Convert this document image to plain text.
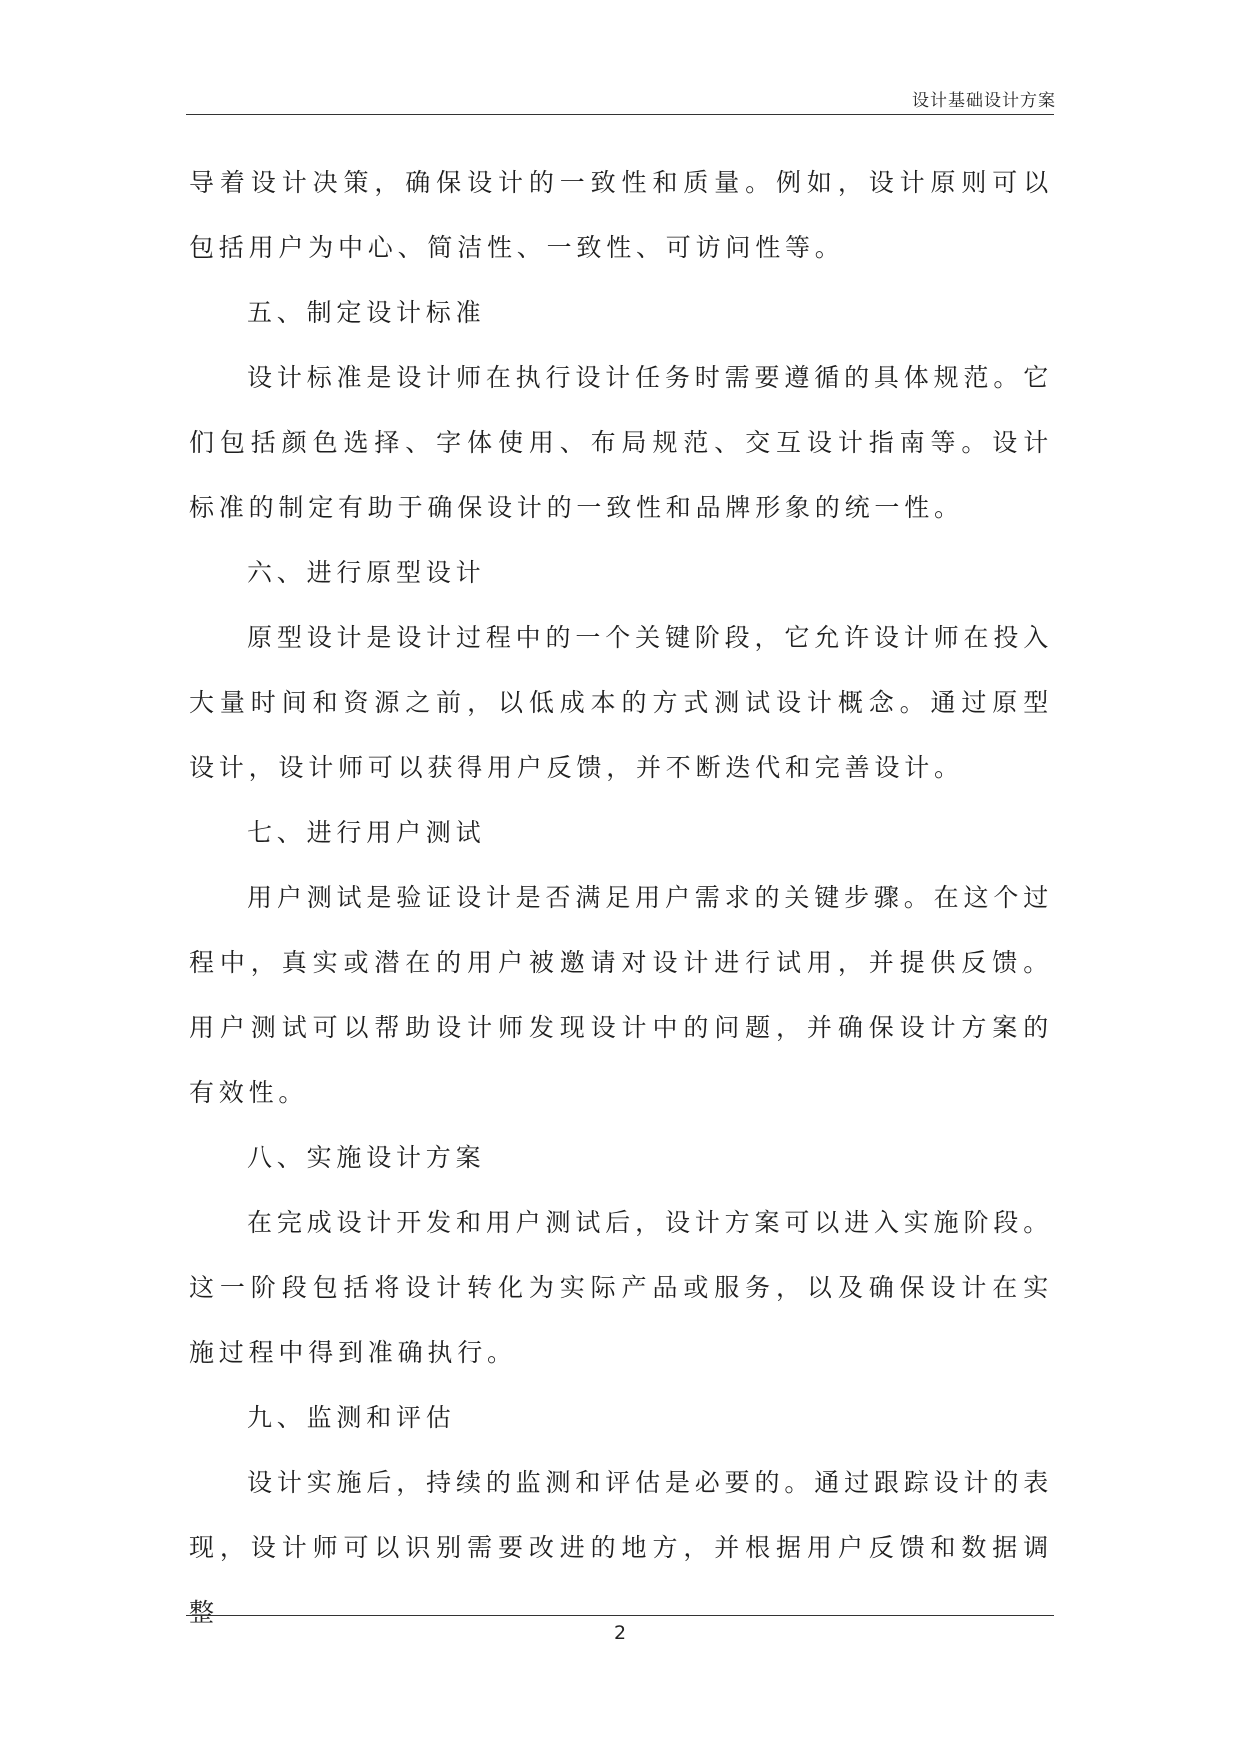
设计基础设计方案

导着设计决策，确保设计的一致性和质量。例如，设计原则可以包括用户为中心、简洁性、一致性、可访问性等。

五、制定设计标准

设计标准是设计师在执行设计任务时需要遵循的具体规范。它们包括颜色选择、字体使用、布局规范、交互设计指南等。设计标准的制定有助于确保设计的一致性和品牌形象的统一性。

六、进行原型设计

原型设计是设计过程中的一个关键阶段，它允许设计师在投入大量时间和资源之前，以低成本的方式测试设计概念。通过原型设计，设计师可以获得用户反馈，并不断迭代和完善设计。

七、进行用户测试

用户测试是验证设计是否满足用户需求的关键步骤。在这个过程中，真实或潜在的用户被邀请对设计进行试用，并提供反馈。用户测试可以帮助设计师发现设计中的问题，并确保设计方案的有效性。

八、实施设计方案

在完成设计开发和用户测试后，设计方案可以进入实施阶段。这一阶段包括将设计转化为实际产品或服务，以及确保设计在实施过程中得到准确执行。

九、监测和评估

设计实施后，持续的监测和评估是必要的。通过跟踪设计的表现，设计师可以识别需要改进的地方，并根据用户反馈和数据调整

2
